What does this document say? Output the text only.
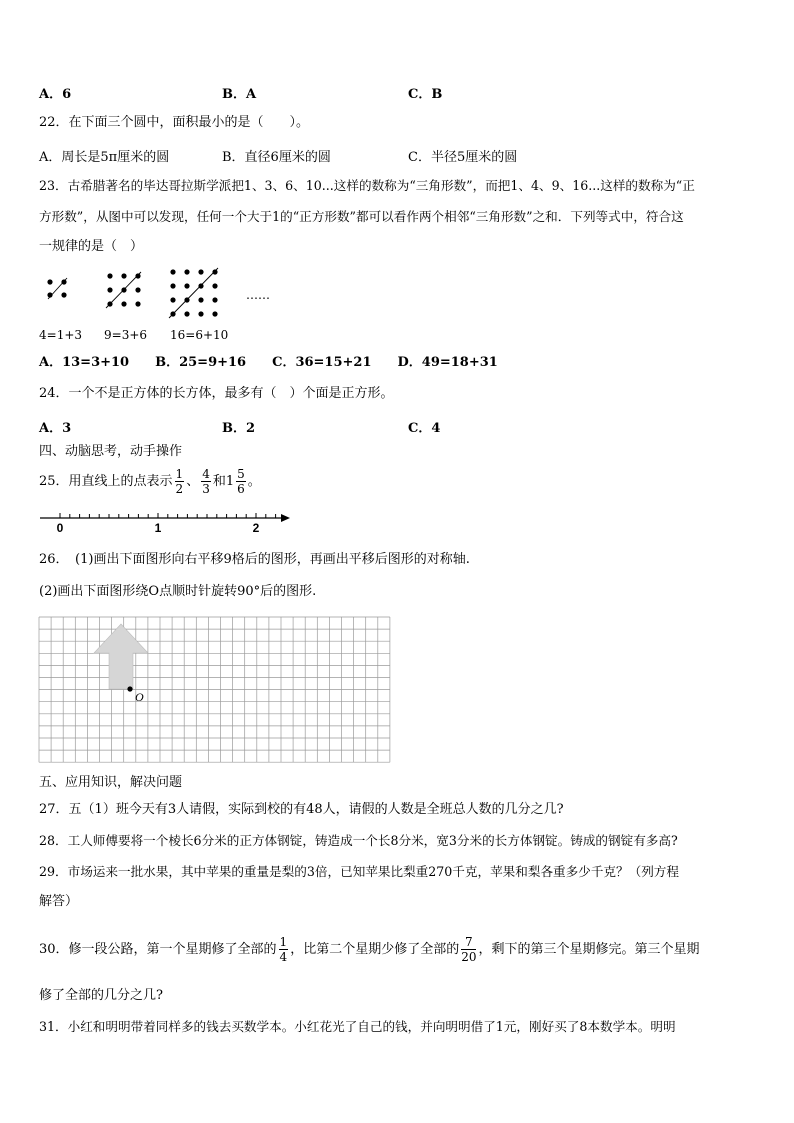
A．6	B．A	C．B
22．在下面三个圆中，面积最小的是（　　）。
A．周长是5π厘米的圆	B．直径6厘米的圆	C．半径5厘米的圆
23．古希腊著名的毕达哥拉斯学派把1、3、6、10...这样的数称为“三角形数”，而把1、4、9、16...这样的数称为“正
方形数”，从图中可以发现，任何一个大于1的“正方形数”都可以看作两个相邻“三角形数”之和．下列等式中，符合这
一规律的是（　）
……
4=1+3 9=3+6 16=6+10
A．13=3+10　　B．25=9+16　　C．36=15+21　　D．49=18+31
24．一个不是正方体的长方体，最多有（　）个面是正方形。
A．3	B．2	C．4
四、动脑思考，动手操作
25．用直线上的点表示 $\frac{1}{2}$ 、 $\frac{4}{3}$ 和$1 \frac{5}{6}$ 。
0	1	2
26．　(1)画出下面图形向右平移9格后的图形，再画出平移后图形的对称轴.
(2)画出下面图形绕O点顺时针旋转90°后的图形.
O
五、应用知识，解决问题
27．五（1）班今天有3人请假，实际到校的有48人，请假的人数是全班总人数的几分之几?
28．工人师傅要将一个棱长6分米的正方体钢锭，铸造成一个长8分米，宽3分米的长方体钢锭。铸成的钢锭有多高?
29．市场运来一批水果，其中苹果的重量是梨的3倍，已知苹果比梨重270千克，苹果和梨各重多少千克？（列方程
解答）
30．修一段公路，第一个星期修了全部的 $\frac{1}{4}$ ，比第二个星期少修了全部的 $\frac{7}{20}$ ，剩下的第三个星期修完。第三个星期
修了全部的几分之几?
31．小红和明明带着同样多的钱去买数学本。小红花光了自己的钱，并向明明借了1元，刚好买了8本数学本。明明
